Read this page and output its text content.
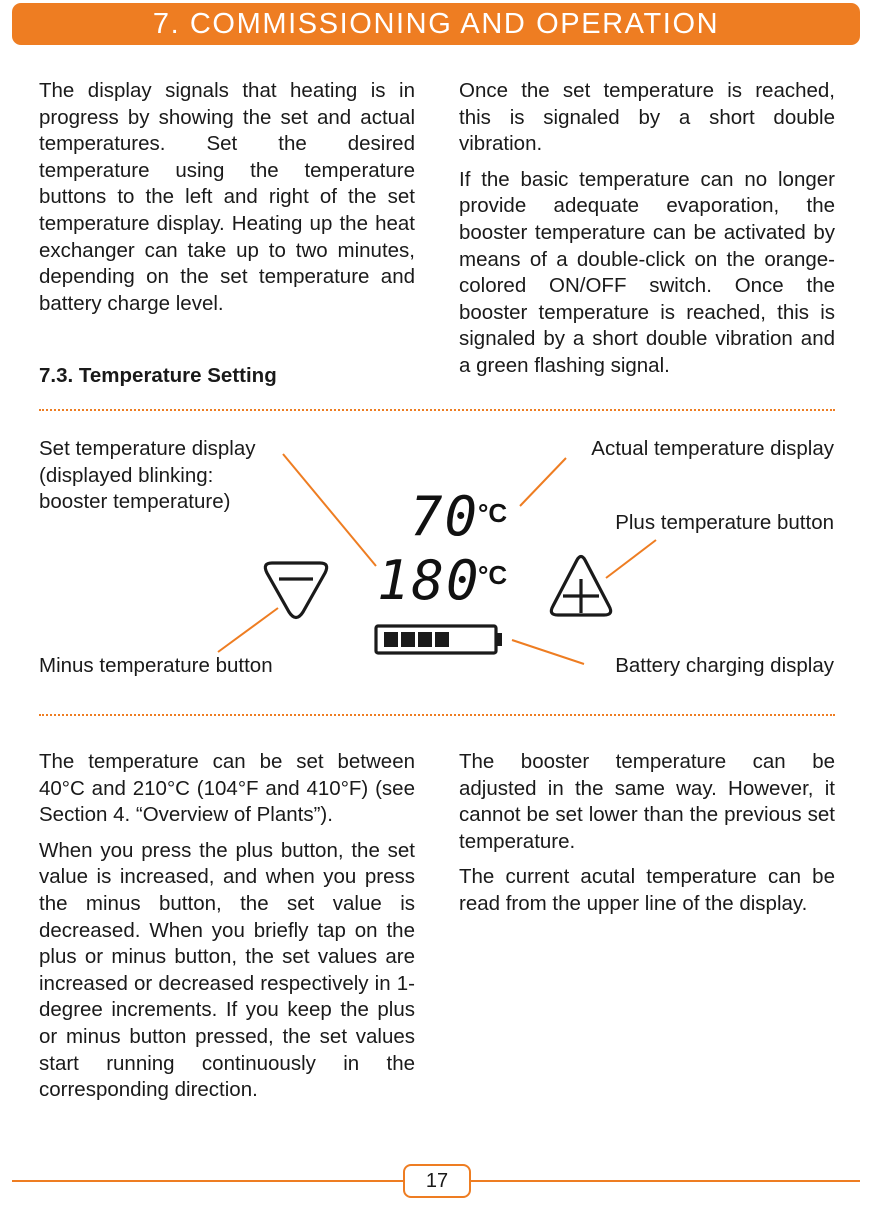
7. COMMISSIONING AND OPERATION

The display signals that heating is in progress by showing the set and actual temperatures. Set the desired temperature using the temperature buttons to the left and right of the set temperature display. Heating up the heat exchanger can take up to two minutes, depending on the set temperature and battery charge level.

Once the set temperature is reached, this is signaled by a short double vibration.

If the basic temperature can no longer provide adequate evaporation, the booster temperature can be activated by means of a double-click on the orange-colored ON/OFF switch. Once the booster temperature is reached, this is signaled by a short double vibration and a green flashing signal.

7.3. Temperature Setting
Set temperature display
(displayed blinking:
booster temperature)
Actual temperature display
Plus temperature button
Minus temperature button	Battery charging display
70
°C
180
°C

The temperature can be set between 40°C and 210°C (104°F and 410°F) (see Section 4. “Overview of Plants”).

When you press the plus button, the set value is increased, and when you press the minus button, the set value is decreased. When you briefly tap on the plus or minus button, the set values are increased or decreased respectively in 1-degree increments. If you keep the plus or minus button pressed, the set values start running continuously in the corresponding direction.

The booster temperature can be adjusted in the same way. However, it cannot be set lower than the previous set temperature.

The current acutal temperature can be read from the upper line of the display.

17
